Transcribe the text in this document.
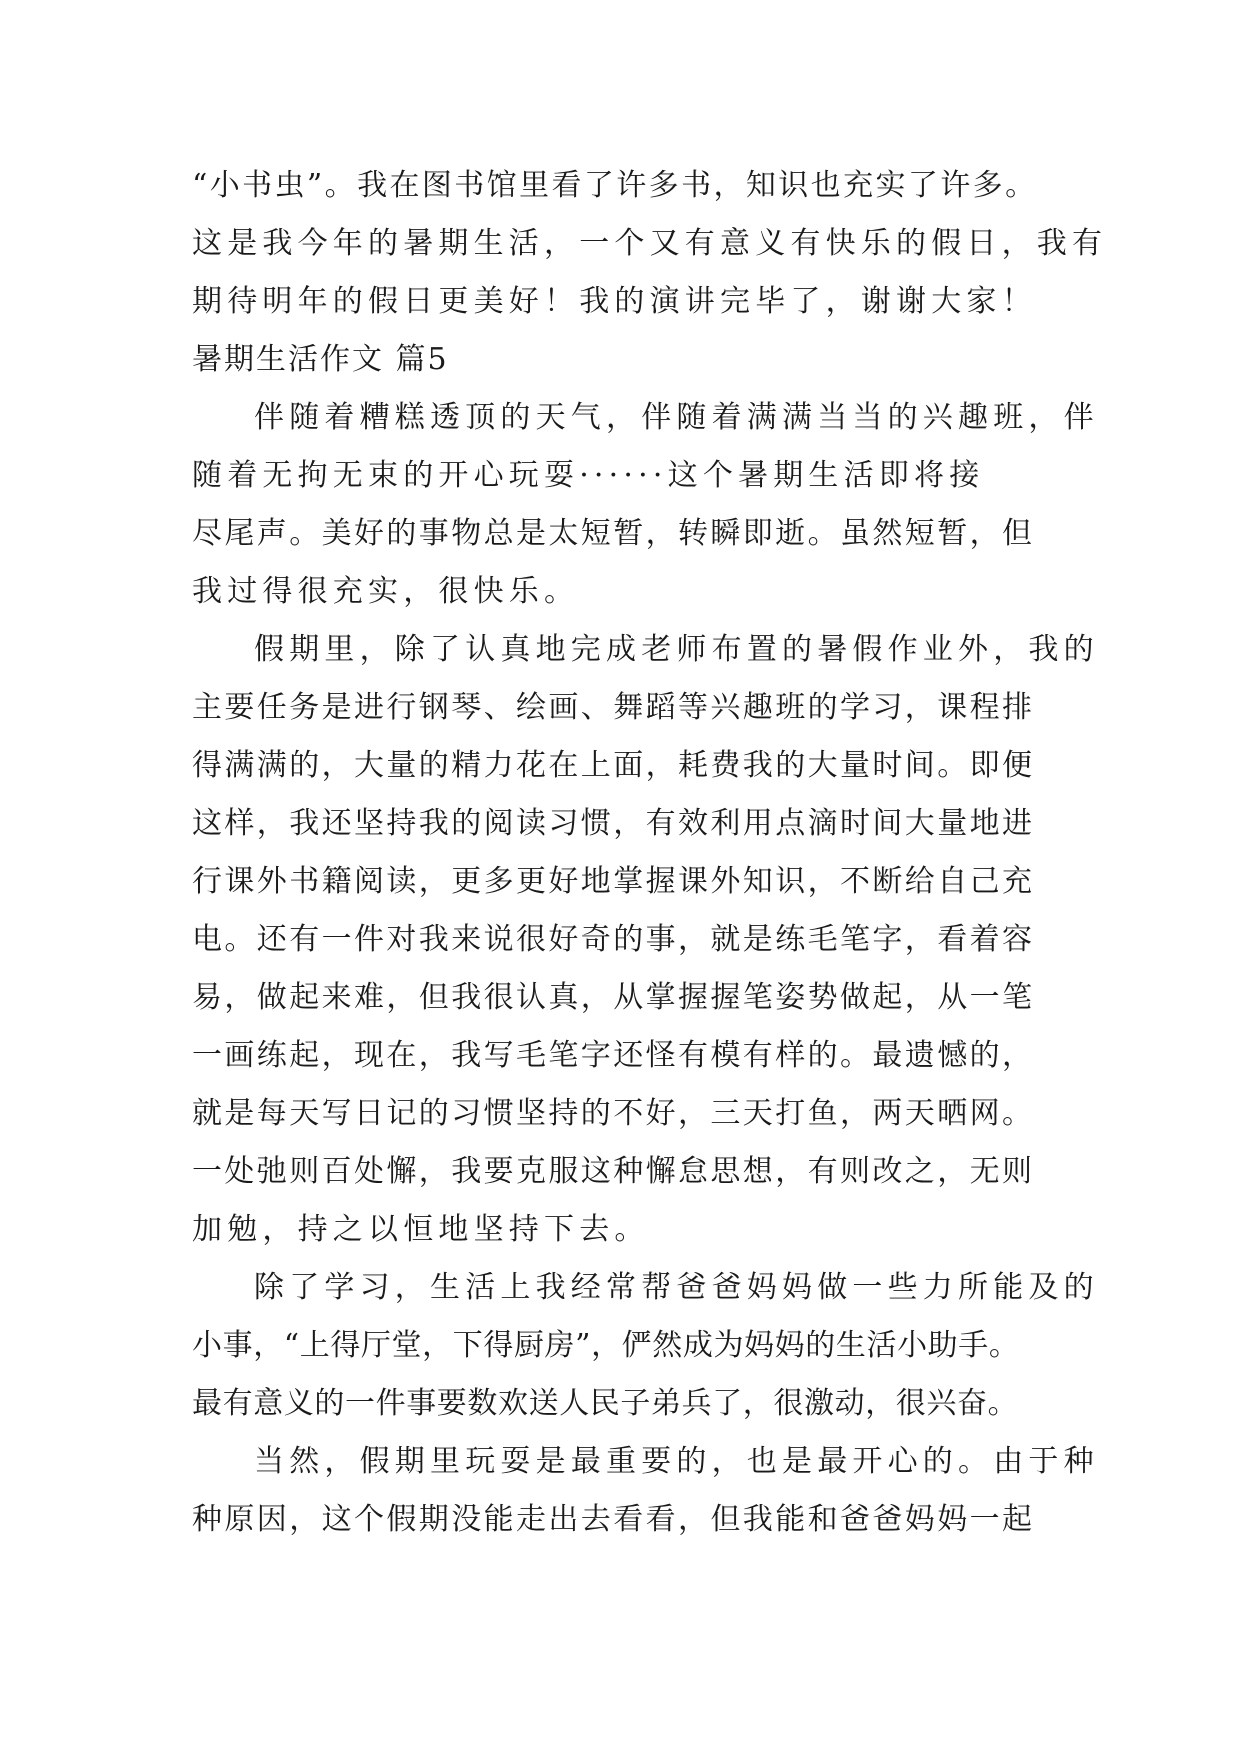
“小书虫”。我在图书馆里看了许多书，知识也充实了许多。
这是我今年的暑期生活，一个又有意义有快乐的假日，我有
期待明年的假日更美好！我的演讲完毕了，谢谢大家！
暑期生活作文 篇5
伴随着糟糕透顶的天气，伴随着满满当当的兴趣班，伴
随着无拘无束的开心玩耍······这个暑期生活即将接
尽尾声。美好的事物总是太短暂，转瞬即逝。虽然短暂，但
我过得很充实，很快乐。
假期里，除了认真地完成老师布置的暑假作业外，我的
主要任务是进行钢琴、绘画、舞蹈等兴趣班的学习，课程排
得满满的，大量的精力花在上面，耗费我的大量时间。即便
这样，我还坚持我的阅读习惯，有效利用点滴时间大量地进
行课外书籍阅读，更多更好地掌握课外知识，不断给自己充
电。还有一件对我来说很好奇的事，就是练毛笔字，看着容
易，做起来难，但我很认真，从掌握握笔姿势做起，从一笔
一画练起，现在，我写毛笔字还怪有模有样的。最遗憾的，
就是每天写日记的习惯坚持的不好，三天打鱼，两天晒网。
一处弛则百处懈，我要克服这种懈怠思想，有则改之，无则
加勉，持之以恒地坚持下去。
除了学习，生活上我经常帮爸爸妈妈做一些力所能及的
小事，“上得厅堂，下得厨房”，俨然成为妈妈的生活小助手。
最有意义的一件事要数欢送人民子弟兵了，很激动，很兴奋。
当然，假期里玩耍是最重要的，也是最开心的。由于种
种原因，这个假期没能走出去看看，但我能和爸爸妈妈一起
